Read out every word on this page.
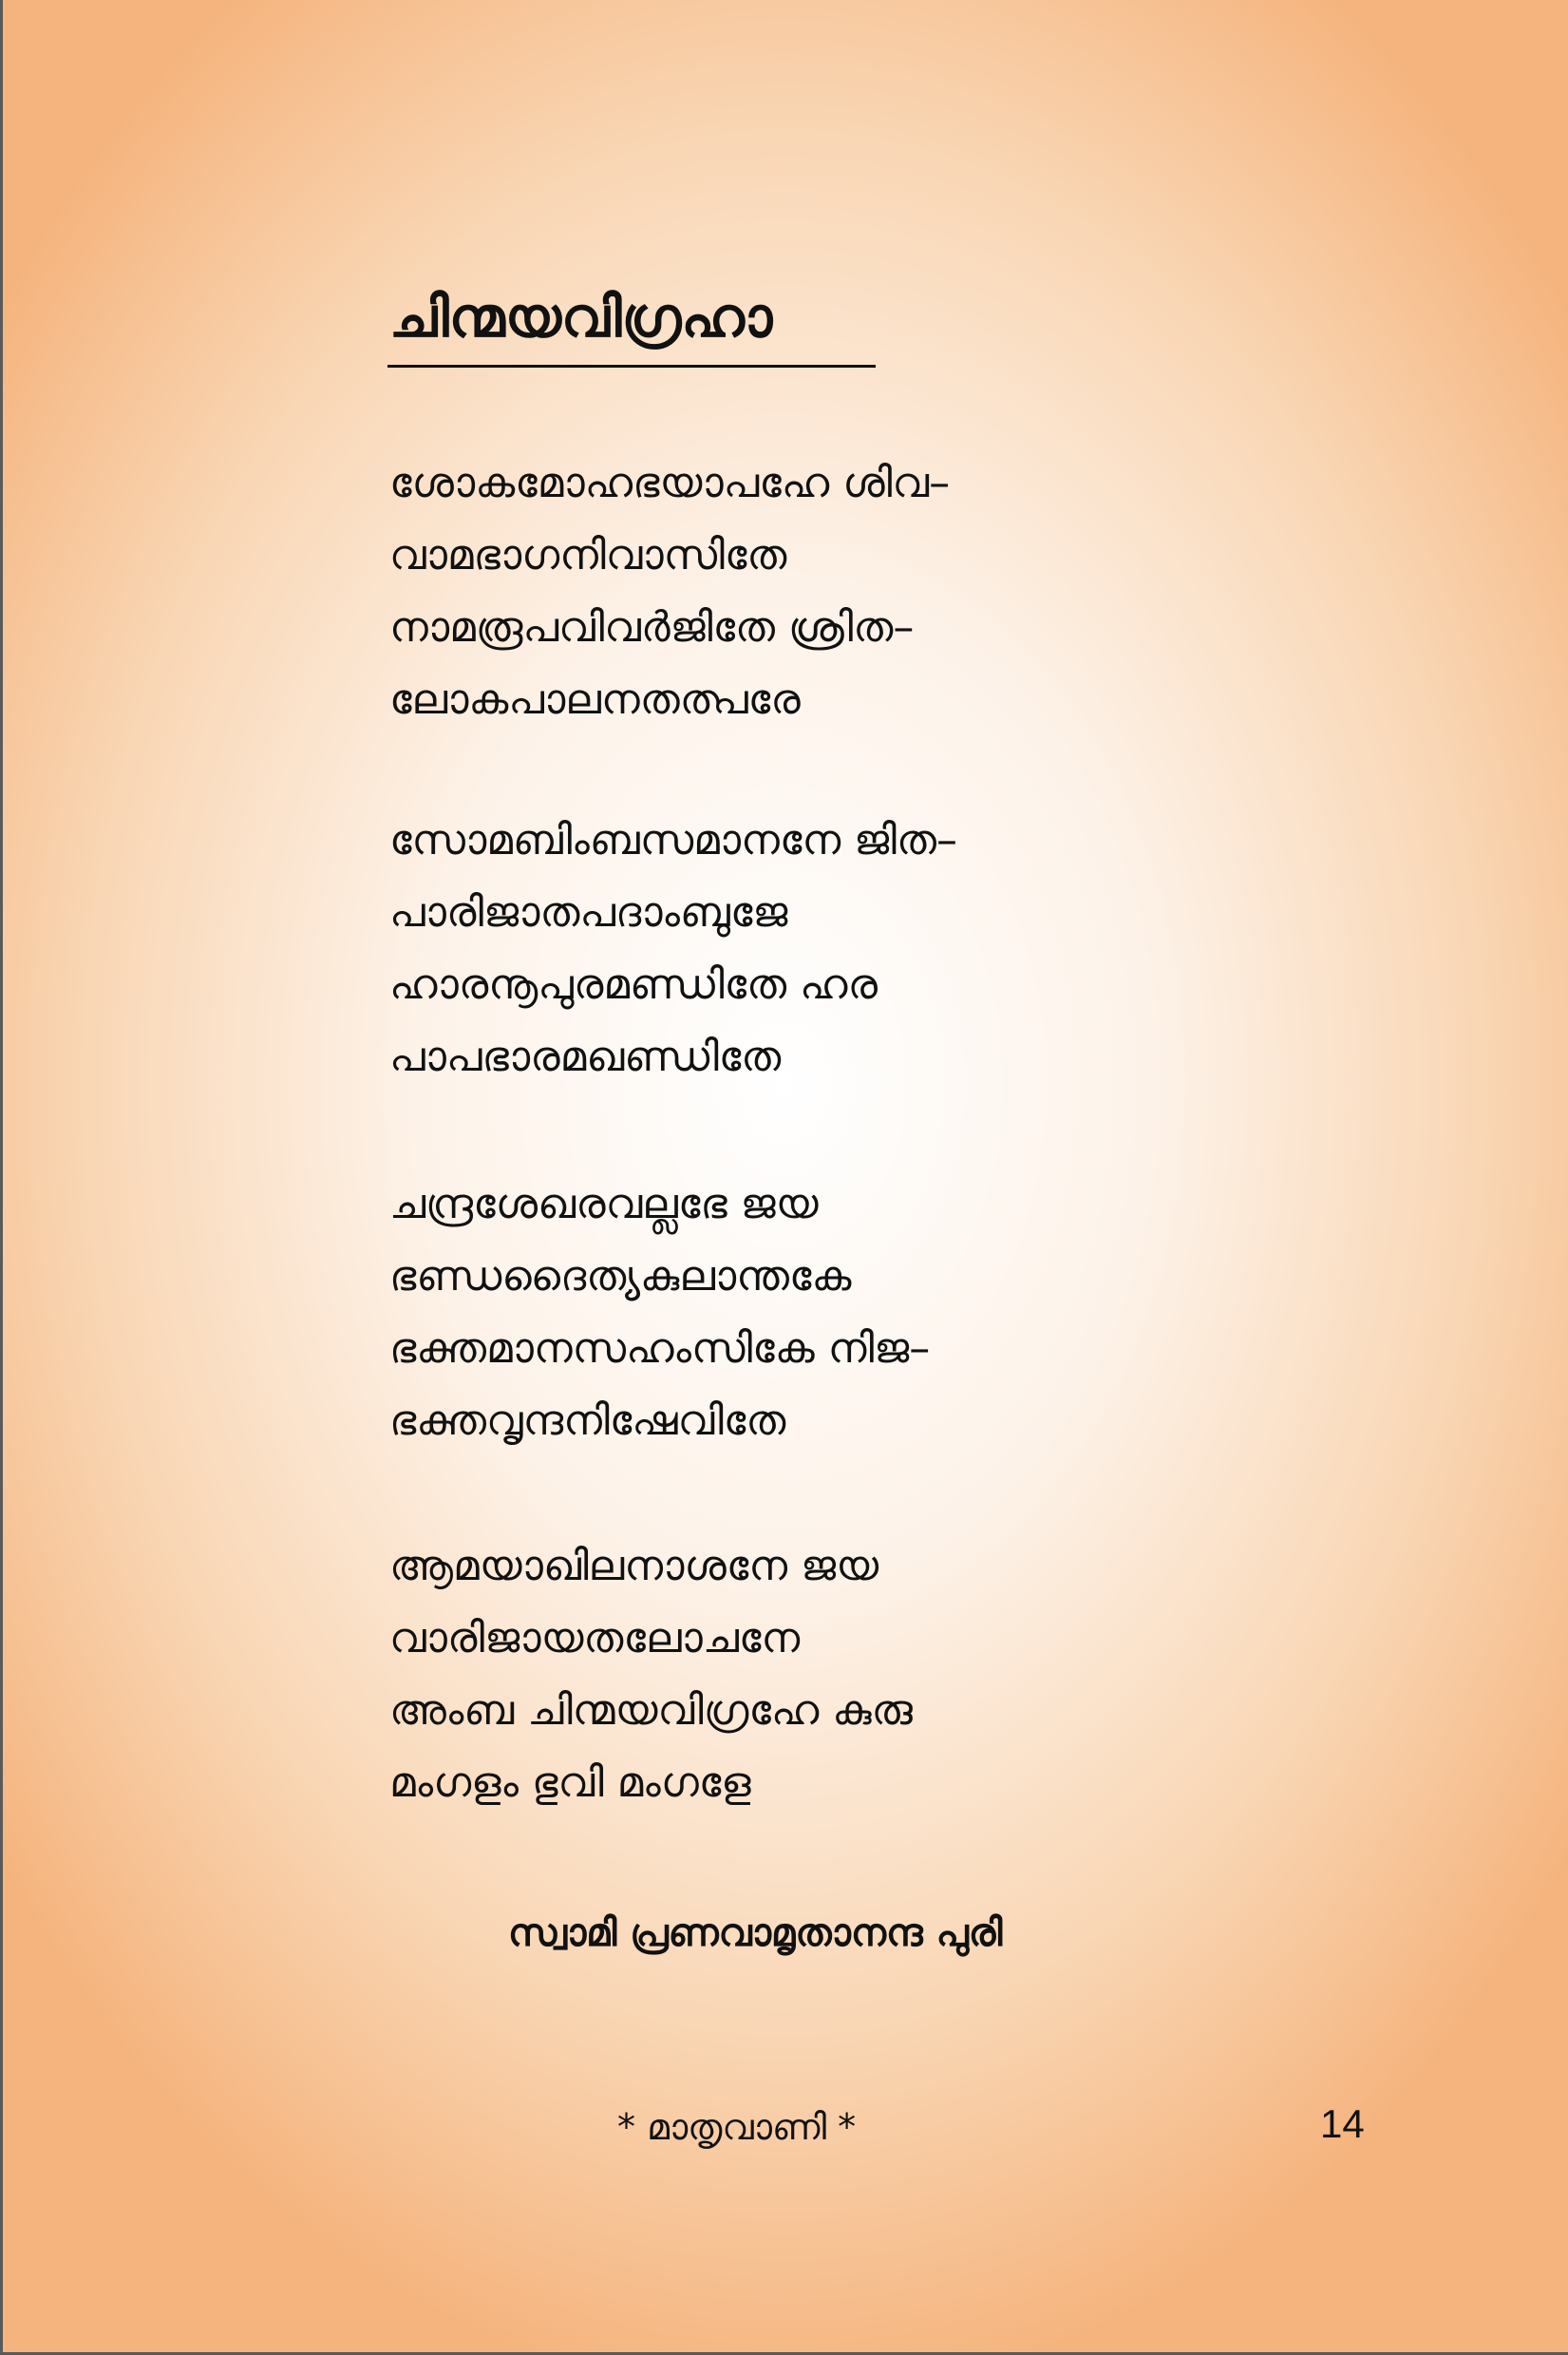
ചിന്മയവിഗ്രഹാ
ശോകമോഹഭയാപഹേ ശിവ–
വാമഭാഗനിവാസിതേ
നാമരൂപവിവർജിതേ ശ്രിത–
ലോകപാലനതത്പരേ
സോമബിംബസമാനനേ ജിത–
പാരിജാതപദാംബുജേ
ഹാരനൂപുരമണ്ഡിതേ ഹര
പാപഭാരമഖണ്ഡിതേ
ചന്ദ്രശേഖരവല്ലഭേ ജയ
ഭണ്ഡദൈത്യകുലാന്തകേ
ഭക്തമാനസഹംസികേ നിജ–
ഭക്തവൃന്ദനിഷേവിതേ
ആമയാഖിലനാശനേ ജയ
വാരിജായതലോചനേ
അംബ ചിന്മയവിഗ്രഹേ കുരു
മംഗളം ഭുവി മംഗളേ
സ്വാമി പ്രണവാമൃതാനന്ദ പുരി
* മാതൃവാണി *	14
